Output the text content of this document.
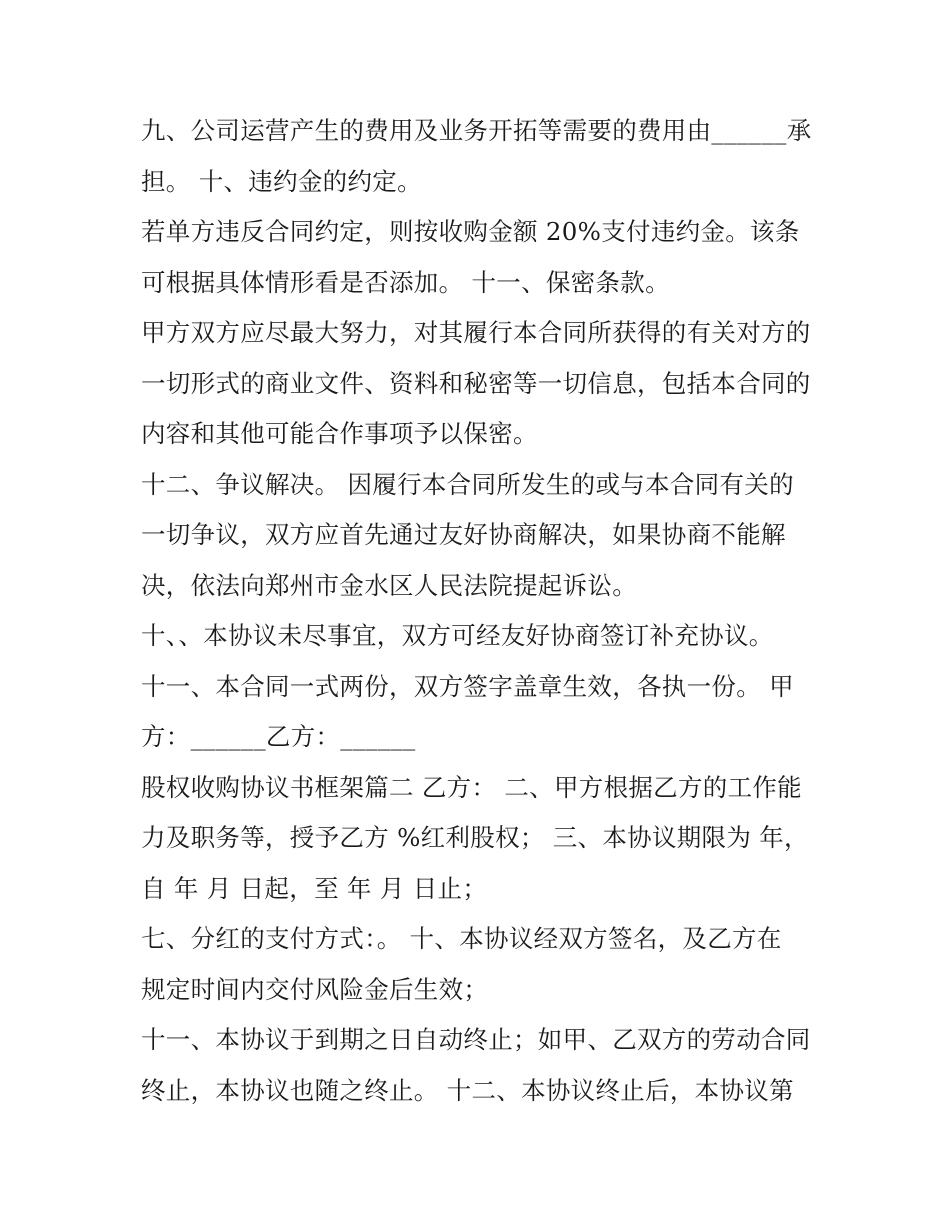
九、公司运营产生的费用及业务开拓等需要的费用由______承
担。 十、违约金的约定。
若单方违反合同约定，则按收购金额 20%支付违约金。该条
可根据具体情形看是否添加。 十一、保密条款。
甲方双方应尽最大努力，对其履行本合同所获得的有关对方的
一切形式的商业文件、资料和秘密等一切信息，包括本合同的
内容和其他可能合作事项予以保密。
十二、争议解决。 因履行本合同所发生的或与本合同有关的
一切争议，双方应首先通过友好协商解决，如果协商不能解
决，依法向郑州市金水区人民法院提起诉讼。
十、、本协议未尽事宜，双方可经友好协商签订补充协议。
十一、本合同一式两份，双方签字盖章生效，各执一份。 甲
方：______乙方：______
股权收购协议书框架篇二 乙方： 二、甲方根据乙方的工作能
力及职务等，授予乙方 %红利股权； 三、本协议期限为 年，
自 年 月 日起，至 年 月 日止；
七、分红的支付方式：。 十、本协议经双方签名，及乙方在
规定时间内交付风险金后生效；
十一、本协议于到期之日自动终止；如甲、乙双方的劳动合同
终止，本协议也随之终止。 十二、本协议终止后，本协议第
